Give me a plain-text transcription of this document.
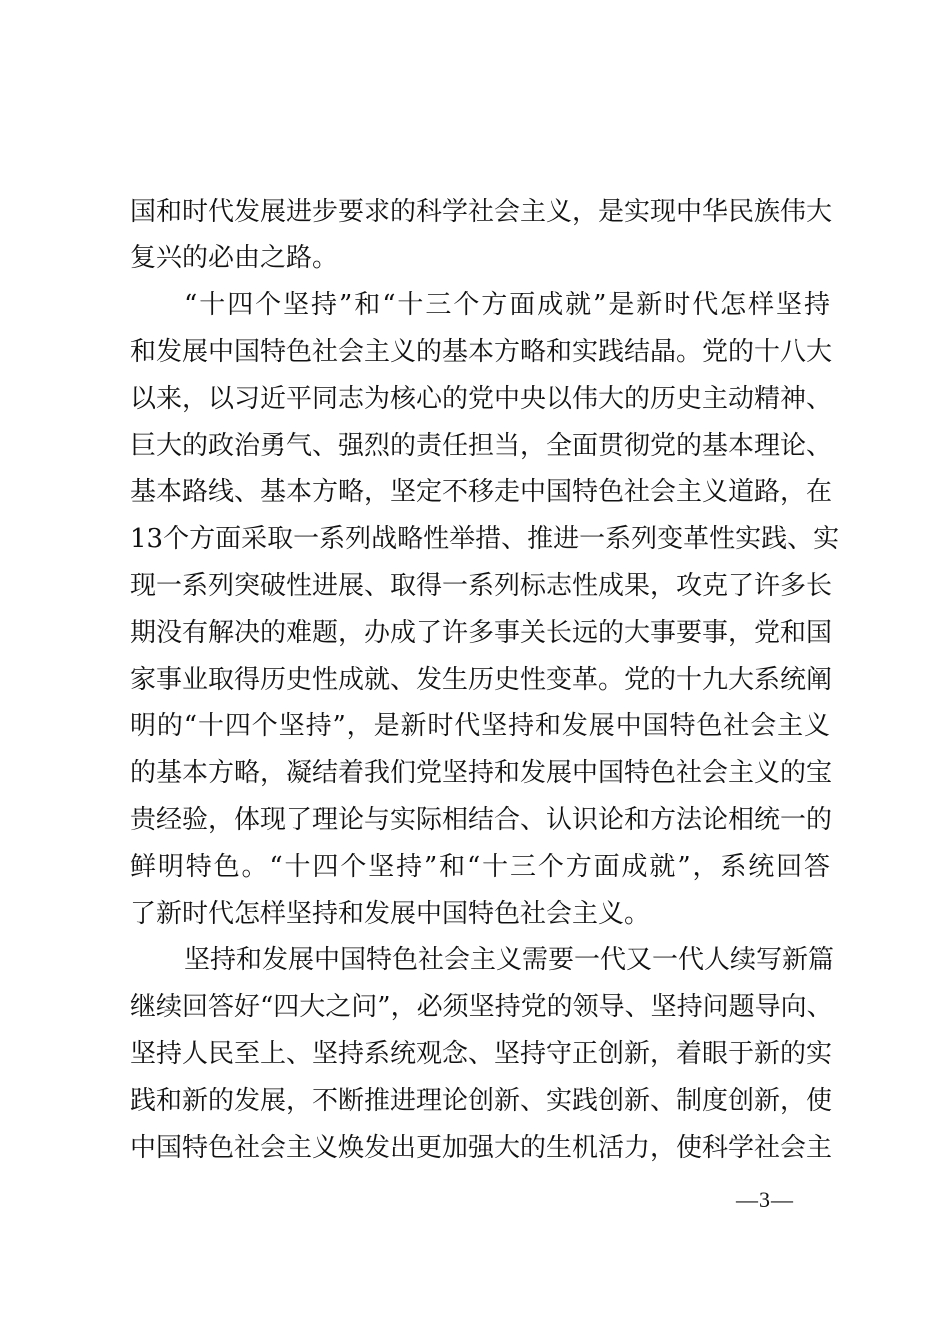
国和时代发展进步要求的科学社会主义，是实现中华民族伟大
复兴的必由之路。
“十四个坚持”和“十三个方面成就”是新时代怎样坚持
和发展中国特色社会主义的基本方略和实践结晶。党的十八大
以来，以习近平同志为核心的党中央以伟大的历史主动精神、
巨大的政治勇气、强烈的责任担当，全面贯彻党的基本理论、
基本路线、基本方略，坚定不移走中国特色社会主义道路，在
13个方面采取一系列战略性举措、推进一系列变革性实践、实
现一系列突破性进展、取得一系列标志性成果，攻克了许多长
期没有解决的难题，办成了许多事关长远的大事要事，党和国
家事业取得历史性成就、发生历史性变革。党的十九大系统阐
明的“十四个坚持”，是新时代坚持和发展中国特色社会主义
的基本方略，凝结着我们党坚持和发展中国特色社会主义的宝
贵经验，体现了理论与实际相结合、认识论和方法论相统一的
鲜明特色。“十四个坚持”和“十三个方面成就”，系统回答
了新时代怎样坚持和发展中国特色社会主义。
坚持和发展中国特色社会主义需要一代又一代人续写新篇
继续回答好“四大之问”，必须坚持党的领导、坚持问题导向、
坚持人民至上、坚持系统观念、坚持守正创新，着眼于新的实
践和新的发展，不断推进理论创新、实践创新、制度创新，使
中国特色社会主义焕发出更加强大的生机活力，使科学社会主
—3—
